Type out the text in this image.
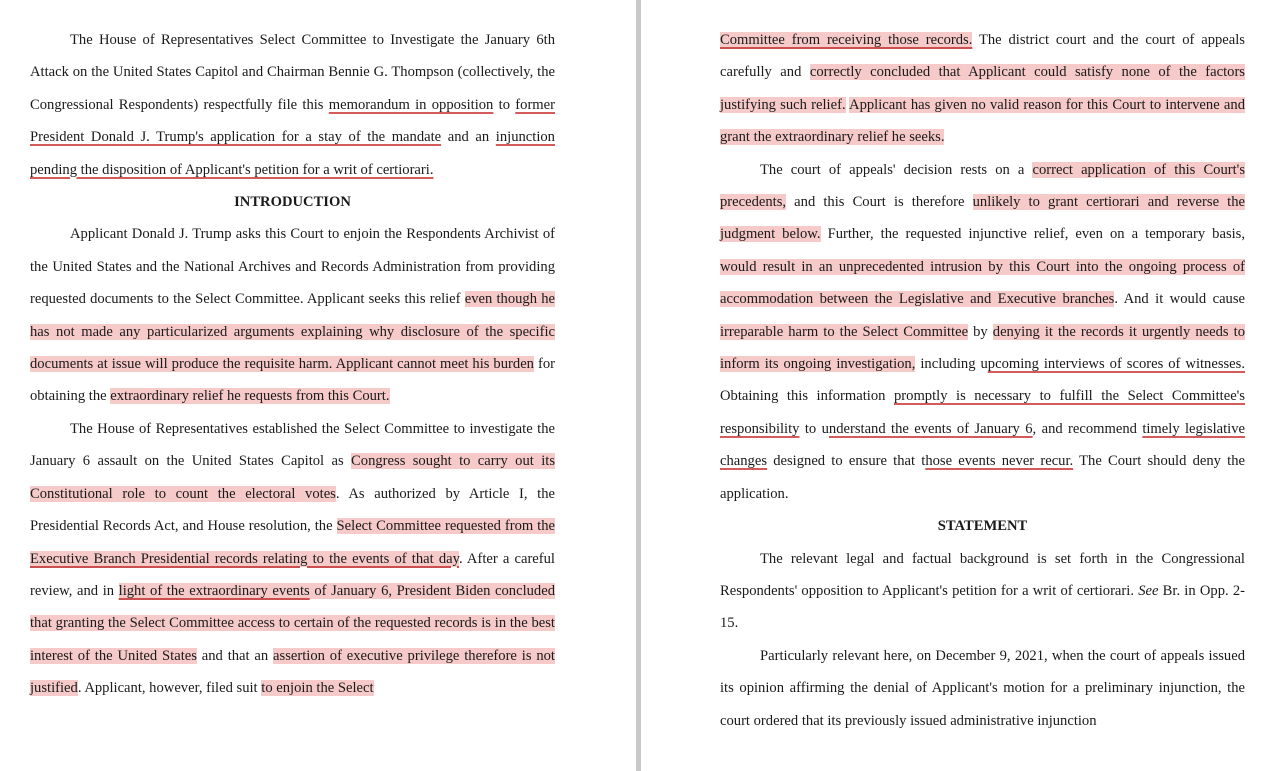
The House of Representatives Select Committee to Investigate the January 6th Attack on the United States Capitol and Chairman Bennie G. Thompson (collectively, the Congressional Respondents) respectfully file this memorandum in opposition to former President Donald J. Trump's application for a stay of the mandate and an injunction pending the disposition of Applicant's petition for a writ of certiorari.

INTRODUCTION

Applicant Donald J. Trump asks this Court to enjoin the Respondents Archivist of the United States and the National Archives and Records Administration from providing requested documents to the Select Committee. Applicant seeks this relief even though he has not made any particularized arguments explaining why disclosure of the specific documents at issue will produce the requisite harm. Applicant cannot meet his burden for obtaining the extraordinary relief he requests from this Court.

The House of Representatives established the Select Committee to investigate the January 6 assault on the United States Capitol as Congress sought to carry out its Constitutional role to count the electoral votes. As authorized by Article I, the Presidential Records Act, and House resolution, the Select Committee requested from the Executive Branch Presidential records relating to the events of that day. After a careful review, and in light of the extraordinary events of January 6, President Biden concluded that granting the Select Committee access to certain of the requested records is in the best interest of the United States and that an assertion of executive privilege therefore is not justified. Applicant, however, filed suit to enjoin the Select

Committee from receiving those records. The district court and the court of appeals carefully and correctly concluded that Applicant could satisfy none of the factors justifying such relief. Applicant has given no valid reason for this Court to intervene and grant the extraordinary relief he seeks.

The court of appeals' decision rests on a correct application of this Court's precedents, and this Court is therefore unlikely to grant certiorari and reverse the judgment below. Further, the requested injunctive relief, even on a temporary basis, would result in an unprecedented intrusion by this Court into the ongoing process of accommodation between the Legislative and Executive branches. And it would cause irreparable harm to the Select Committee by denying it the records it urgently needs to inform its ongoing investigation, including upcoming interviews of scores of witnesses. Obtaining this information promptly is necessary to fulfill the Select Committee's responsibility to understand the events of January 6, and recommend timely legislative changes designed to ensure that those events never recur. The Court should deny the application.

STATEMENT

The relevant legal and factual background is set forth in the Congressional Respondents' opposition to Applicant's petition for a writ of certiorari. See Br. in Opp. 2-15.

Particularly relevant here, on December 9, 2021, when the court of appeals issued its opinion affirming the denial of Applicant's motion for a preliminary injunction, the court ordered that its previously issued administrative injunction
